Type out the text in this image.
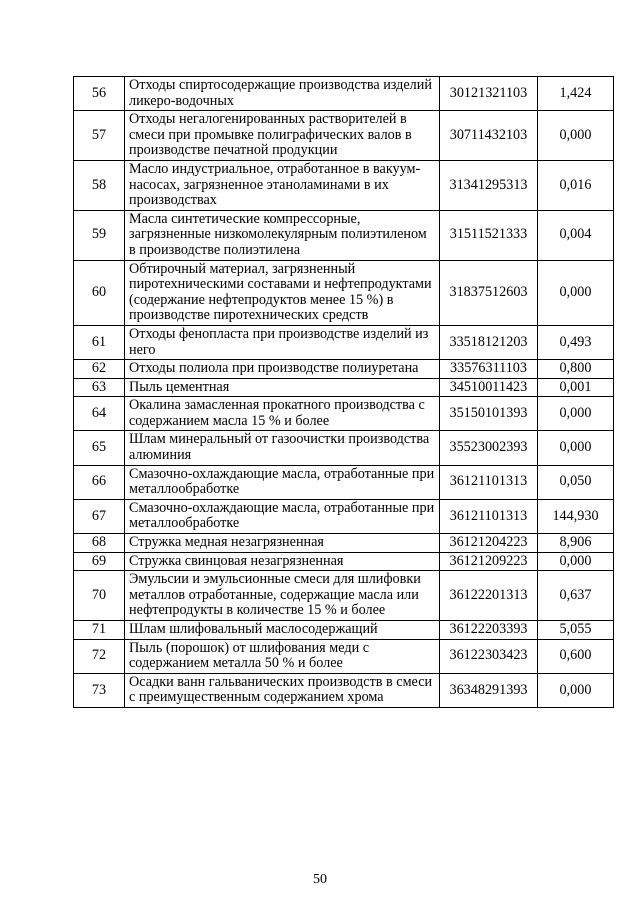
56	Отходы спиртосодержащие производства изделий ликеро-водочных	30121321103	1,424
57	Отходы негалогенированных растворителей в смеси при промывке полиграфических валов в производстве печатной продукции	30711432103	0,000
58	Масло индустриальное, отработанное в вакуум-насосах, загрязненное этаноламинами в их производствах	31341295313	0,016
59	Масла синтетические компрессорные, загрязненные низкомолекулярным полиэтиленом в производстве полиэтилена	31511521333	0,004
60	Обтирочный материал, загрязненный пиротехническими составами и нефтепродуктами (содержание нефтепродуктов менее 15 %) в производстве пиротехнических средств	31837512603	0,000
61	Отходы фенопласта при производстве изделий из него	33518121203	0,493
62	Отходы полиола при производстве полиуретана	33576311103	0,800
63	Пыль цементная	34510011423	0,001
64	Окалина замасленная прокатного производства с содержанием масла 15 % и более	35150101393	0,000
65	Шлам минеральный от газоочистки производства алюминия	35523002393	0,000
66	Смазочно-охлаждающие масла, отработанные при металлообработке	36121101313	0,050
67	Смазочно-охлаждающие масла, отработанные при металлообработке	36121101313	144,930
68	Стружка медная незагрязненная	36121204223	8,906
69	Стружка свинцовая незагрязненная	36121209223	0,000
70	Эмульсии и эмульсионные смеси для шлифовки металлов отработанные, содержащие масла или нефтепродукты в количестве 15 % и более	36122201313	0,637
71	Шлам шлифовальный маслосодержащий	36122203393	5,055
72	Пыль (порошок) от шлифования меди с содержанием металла 50 % и более	36122303423	0,600
73	Осадки ванн гальванических производств в смеси с преимущественным содержанием хрома	36348291393	0,000
50
